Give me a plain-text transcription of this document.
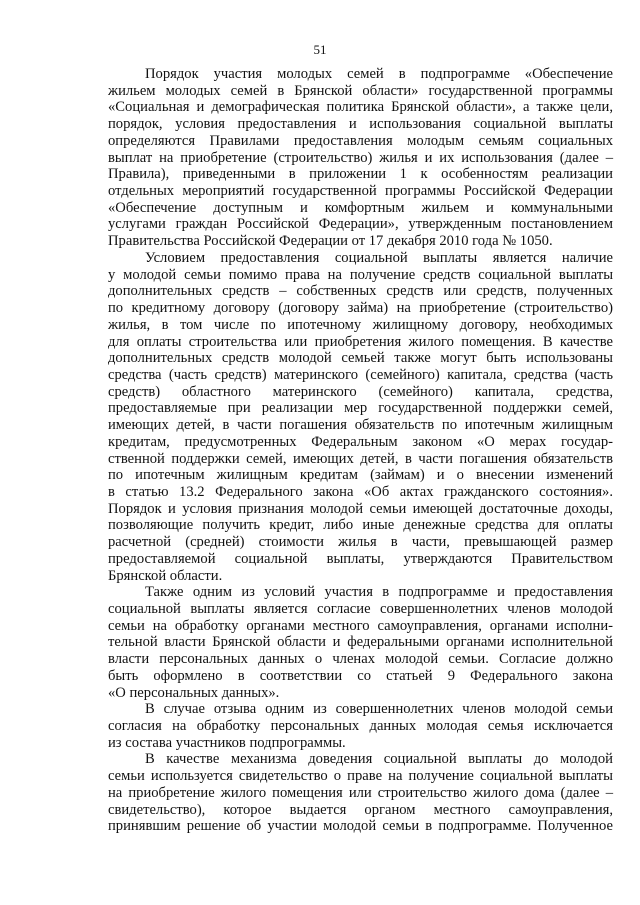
51

Порядок участия молодых семей в подпрограмме «Обеспечение
жильем молодых семей в Брянской области» государственной программы
«Социальная и демографическая политика Брянской области», а также цели,
порядок, условия предоставления и использования социальной выплаты
определяются Правилами предоставления молодым семьям социальных
выплат на приобретение (строительство) жилья и их использования (далее –
Правила), приведенными в приложении 1 к особенностям реализации
отдельных мероприятий государственной программы Российской Федерации
«Обеспечение доступным и комфортным жильем и коммунальными
услугами граждан Российской Федерации», утвержденным постановлением
Правительства Российской Федерации от 17 декабря 2010 года № 1050.

Условием предоставления социальной выплаты является наличие
у молодой семьи помимо права на получение средств социальной выплаты
дополнительных средств – собственных средств или средств, полученных
по кредитному договору (договору займа) на приобретение (строительство)
жилья, в том числе по ипотечному жилищному договору, необходимых
для оплаты строительства или приобретения жилого помещения. В качестве
дополнительных средств молодой семьей также могут быть использованы
средства (часть средств) материнского (семейного) капитала, средства (часть
средств) областного материнского (семейного) капитала, средства,
предоставляемые при реализации мер государственной поддержки семей,
имеющих детей, в части погашения обязательств по ипотечным жилищным
кредитам, предусмотренных Федеральным законом «О мерах государ-
ственной поддержки семей, имеющих детей, в части погашения обязательств
по ипотечным жилищным кредитам (займам) и о внесении изменений
в статью 13.2 Федерального закона «Об актах гражданского состояния».
Порядок и условия признания молодой семьи имеющей достаточные доходы,
позволяющие получить кредит, либо иные денежные средства для оплаты
расчетной (средней) стоимости жилья в части, превышающей размер
предоставляемой социальной выплаты, утверждаются Правительством
Брянской области.

Также одним из условий участия в подпрограмме и предоставления
социальной выплаты является согласие совершеннолетних членов молодой
семьи на обработку органами местного самоуправления, органами исполни-
тельной власти Брянской области и федеральными органами исполнительной
власти персональных данных о членах молодой семьи. Согласие должно
быть оформлено в соответствии со статьей 9 Федерального закона
«О персональных данных».

В случае отзыва одним из совершеннолетних членов молодой семьи
согласия на обработку персональных данных молодая семья исключается
из состава участников подпрограммы.

В качестве механизма доведения социальной выплаты до молодой
семьи используется свидетельство о праве на получение социальной выплаты
на приобретение жилого помещения или строительство жилого дома (далее –
свидетельство), которое выдается органом местного самоуправления,
принявшим решение об участии молодой семьи в подпрограмме. Полученное
